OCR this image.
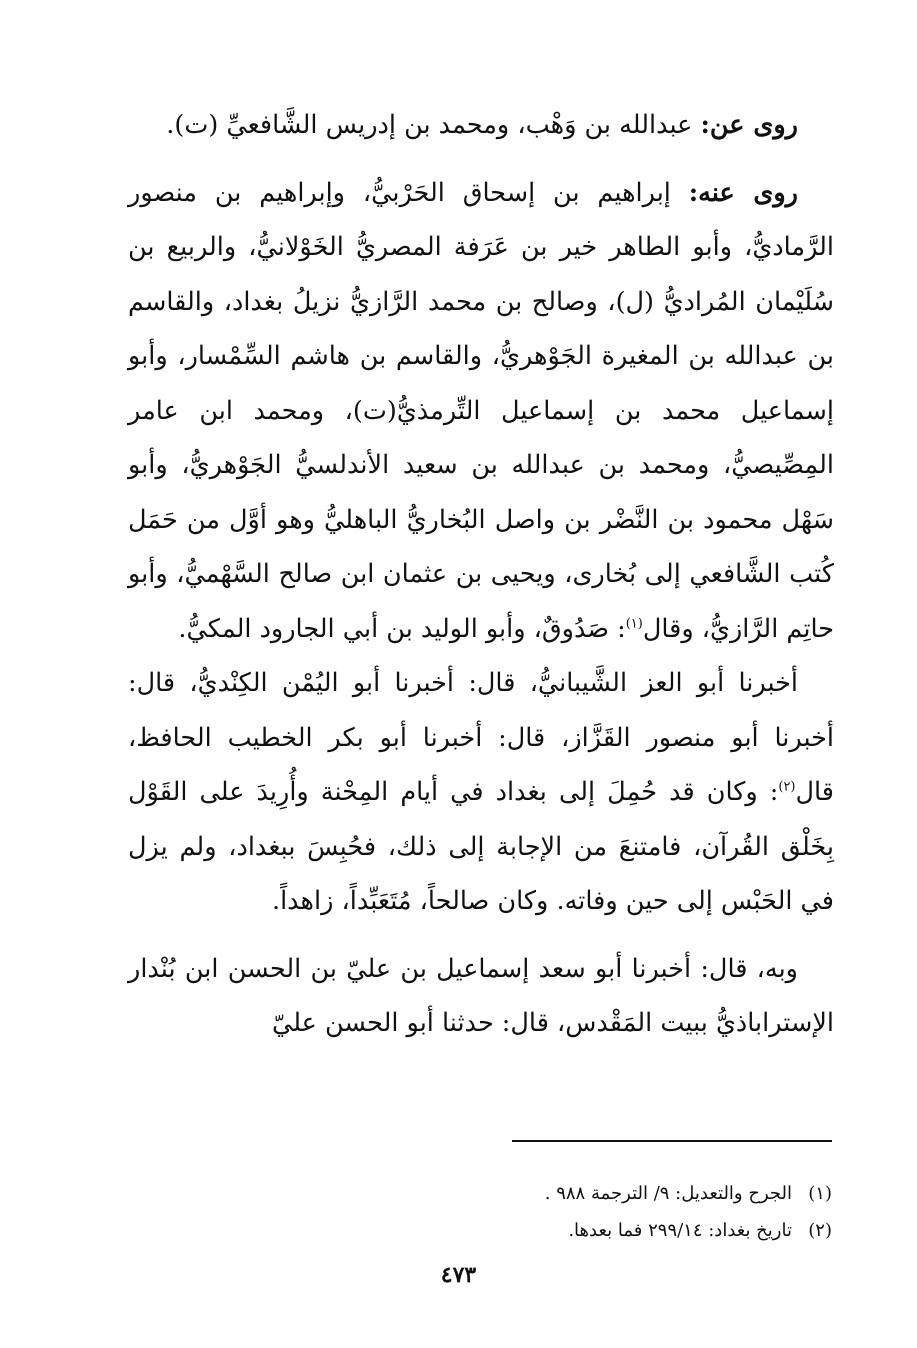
روى عن: عبدالله بن وَهْب، ومحمد بن إدريس الشَّافعيِّ (ت).

روى عنه: إبراهيم بن إسحاق الحَرْبيُّ، وإبراهيم بن منصور الرَّماديُّ، وأبو الطاهر خير بن عَرَفة المصريُّ الخَوْلانيُّ، والربيع بن سُلَيْمان المُراديُّ (ل)، وصالح بن محمد الرَّازيُّ نزيلُ بغداد، والقاسم بن عبدالله بن المغيرة الجَوْهريُّ، والقاسم بن هاشم السِّمْسار، وأبو إسماعيل محمد بن إسماعيل التِّرمذيُّ(ت)، ومحمد ابن عامر المِصِّيصيُّ، ومحمد بن عبدالله بن سعيد الأندلسيُّ الجَوْهريُّ، وأبو سَهْل محمود بن النَّضْر بن واصل البُخاريُّ الباهليُّ وهو أوَّل من حَمَل كُتب الشَّافعي إلى بُخارى، ويحيى بن عثمان ابن صالح السَّهْميُّ، وأبو حاتِم الرَّازيُّ، وقال$^{(١)}$: صَدُوقٌ، وأبو الوليد بن أبي الجارود المكيُّ.

أخبرنا أبو العز الشَّيبانيُّ، قال: أخبرنا أبو اليُمْن الكِنْديُّ، قال: أخبرنا أبو منصور القَزَّاز، قال: أخبرنا أبو بكر الخطيب الحافظ، قال$^{(٢)}$: وكان قد حُمِلَ إلى بغداد في أيام المِحْنة وأُرِيدَ على القَوْل بِخَلْق القُرآن، فامتنعَ من الإجابة إلى ذلك، فحُبِسَ ببغداد، ولم يزل في الحَبْس إلى حين وفاته. وكان صالحاً، مُتَعَبِّداً، زاهداً.

وبه، قال: أخبرنا أبو سعد إسماعيل بن عليّ بن الحسن ابن بُنْدار الإستراباذيُّ ببيت المَقْدس، قال: حدثنا أبو الحسن عليّ

(١)الجرح والتعديل: ٩/ الترجمة ٩٨٨ .
(٢)تاريخ بغداد: ٢٩٩/١٤ فما بعدها.
٤٧٣
